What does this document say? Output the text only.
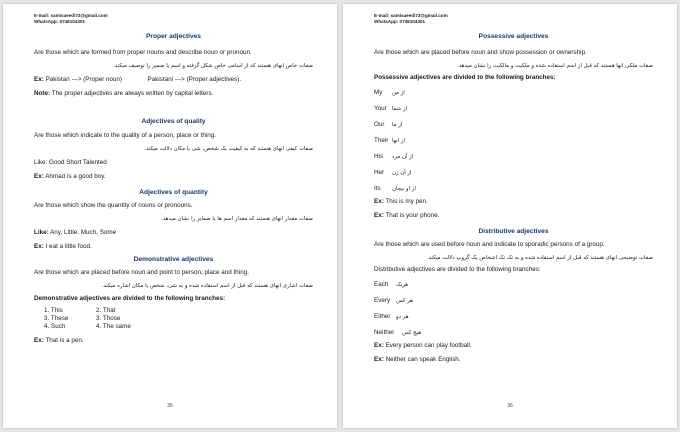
E-mail: samisaeedi73@gmail.com
WhatsApp: 0748104301
Proper adjectives

Are those which are formed from proper nouns and describe noun or pronoun.

صفات خاص انهای هستند که از اسامی خاص شکل گرفته و اسم یا ضمیر را توصیف میکند.

Ex: Pakistan ---> (Proper noun)	Pakistani ---> (Proper adjectives).

Note: The proper adjectives are always written by capital letters.

Adjectives of quality

Are those which indicate to the quality of a person, place or thing.

صفات کیفی انهای هستند که به کیفیت یک شخص، شی یا مکان دلالت میکند.

Like: Good Short Talented

Ex: Ahmad is a good boy.

Adjectives of quantity

Are those which show the quantity of nouns or pronouns.

صفات مقدار انهای هستند که مقدار اسم ها یا ضمایر را نشان میدهد.

Like: Any, Little, Much, Some

Ex: I eat a little food.

Demonstrative adjectives

Are those which are placed before noun and point to person, place and thing.

صفات اشاری انهای هستند که قبل از اسم استفاده شده و به شی، شخص یا مکان اشاره میکند.

Demonstrative adjectives are divided to the following branches:

1. This	2. That
3. These	3. Those
4. Such	4. The same

Ex: That is a pen.

35
E-mail: samisaeedi73@gmail.com
WhatsApp: 0748104301
Possessive adjectives

Are those which are placed before noun and show possession or ownership.

صفات ملکی انها هستند که قبل از اسم استفاده شده و ملکیت و مالکیت را نشان میدهد.

Possessive adjectives are divided to the following branches:

My	از من
Your از شما
Our	از ما
Their از انها
His	از آن مرد
Her	از آن زن
Its	از او بیجان

Ex: This is my pen.

Ex: That is your phone.

Distributive adjectives

Are those which are used before noun and indicate to sporadic persons of a group.

صفات توضیحی انهای هستند که قبل از اسم استفاده شده و به تک تک اشخاص یک گروپ دلالت میکند.

Distributive adjectives are divided to the following branches:

Each	هریک
Every	هر کس
Either	هر دو
Neither	هیچ کس

Ex: Every person can play football.

Ex: Neither can speak English.

36
